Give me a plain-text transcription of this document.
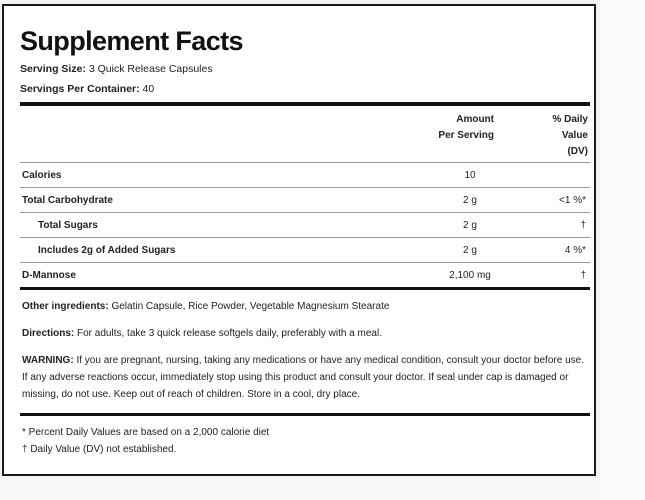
Supplement Facts
Serving Size: 3 Quick Release Capsules
Servings Per Container: 40
Amount
Per Serving
% Daily
Value
(DV)
Calories	10
Total Carbohydrate	2 g	<1 %*
Total Sugars	2 g	†
Includes 2g of Added Sugars	2 g	4 %*
D-Mannose	2,100 mg	†

Other ingredients: Gelatin Capsule, Rice Powder, Vegetable Magnesium Stearate

Directions: For adults, take 3 quick release softgels daily, preferably with a meal.

WARNING: If you are pregnant, nursing, taking any medications or have any medical condition, consult your doctor before use. If any adverse reactions occur, immediately stop using this product and consult your doctor. If seal under cap is damaged or missing, do not use. Keep out of reach of children. Store in a cool, dry place.

* Percent Daily Values are based on a 2,000 calorie diet

† Daily Value (DV) not established.
